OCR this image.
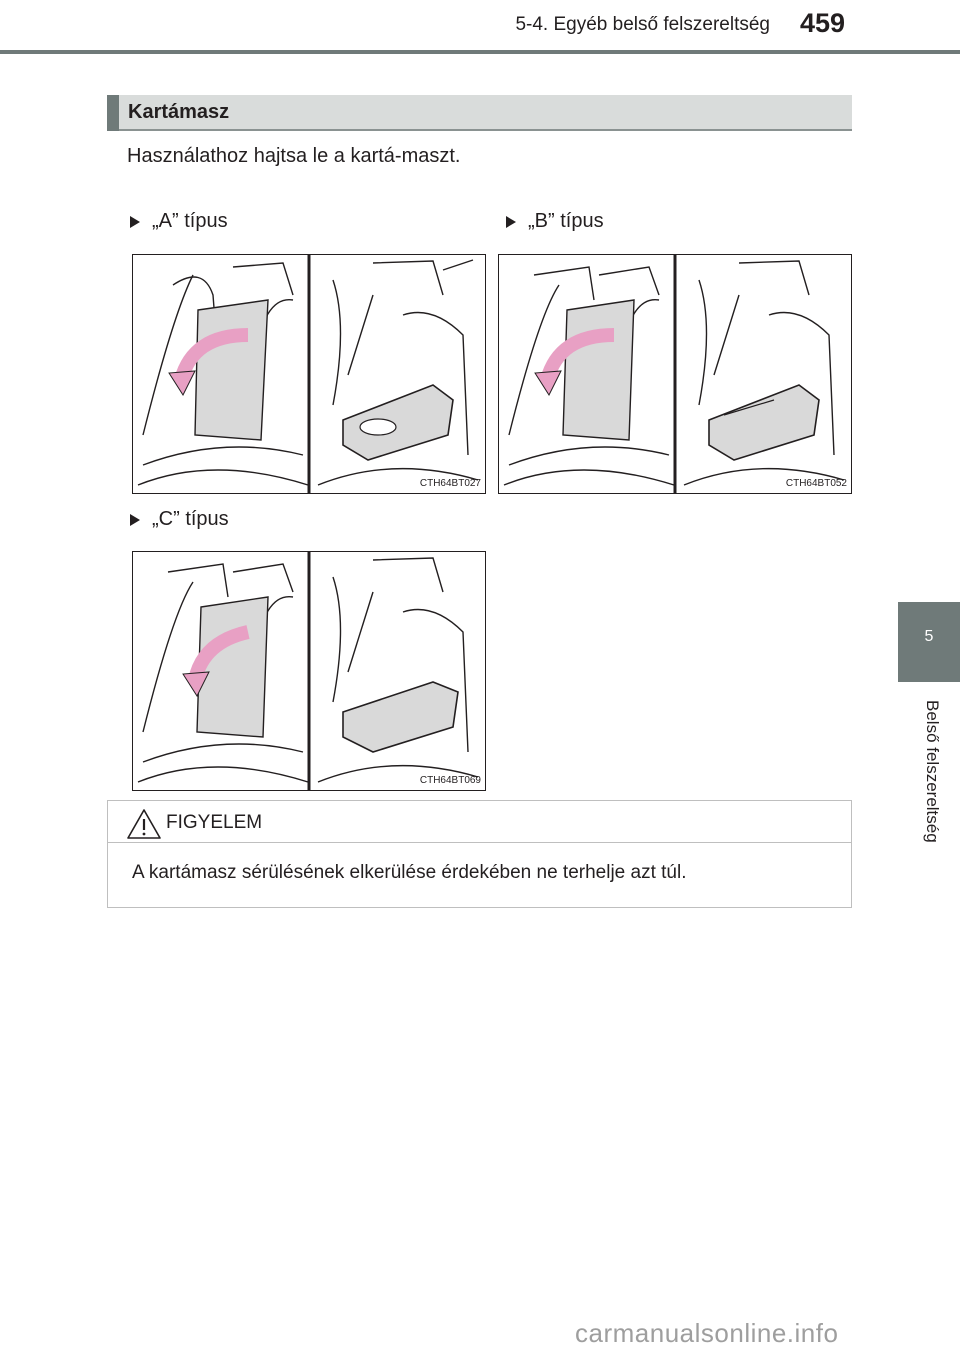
5-4. Egyéb belső felszereltség 459
5
Belső felszereltség
Kartámasz
Használathoz hajtsa le a kartá-maszt.
„A” típus	„B” típus
CTH64BT027	CTH64BT052
„C” típus
CTH64BT069
FIGYELEM
A kartámasz sérülésének elkerülése érdekében ne terhelje azt túl.
carmanualsonline.info
